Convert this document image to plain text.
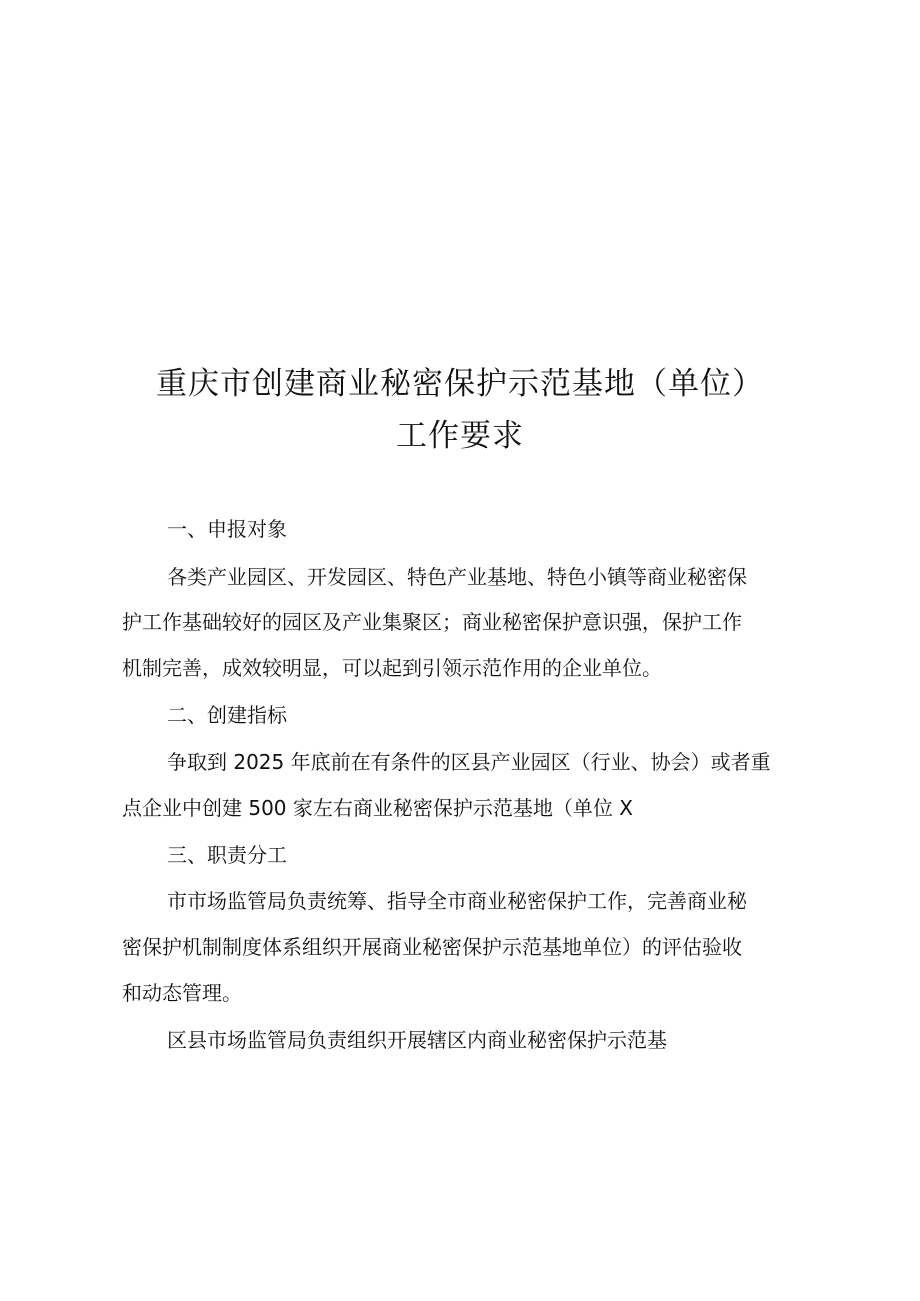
重庆市创建商业秘密保护示范基地（单位）
工作要求
一、申报对象
各类产业园区、开发园区、特色产业基地、特色小镇等商业秘密保
护工作基础较好的园区及产业集聚区；商业秘密保护意识强，保护工作
机制完善，成效较明显，可以起到引领示范作用的企业单位。
二、创建指标
争取到 2025 年底前在有条件的区县产业园区（行业、协会）或者重
点企业中创建 500 家左右商业秘密保护示范基地（单位 X
三、职责分工
市市场监管局负责统筹、指导全市商业秘密保护工作，完善商业秘
密保护机制制度体系组织开展商业秘密保护示范基地单位）的评估验收
和动态管理。
区县市场监管局负责组织开展辖区内商业秘密保护示范基
